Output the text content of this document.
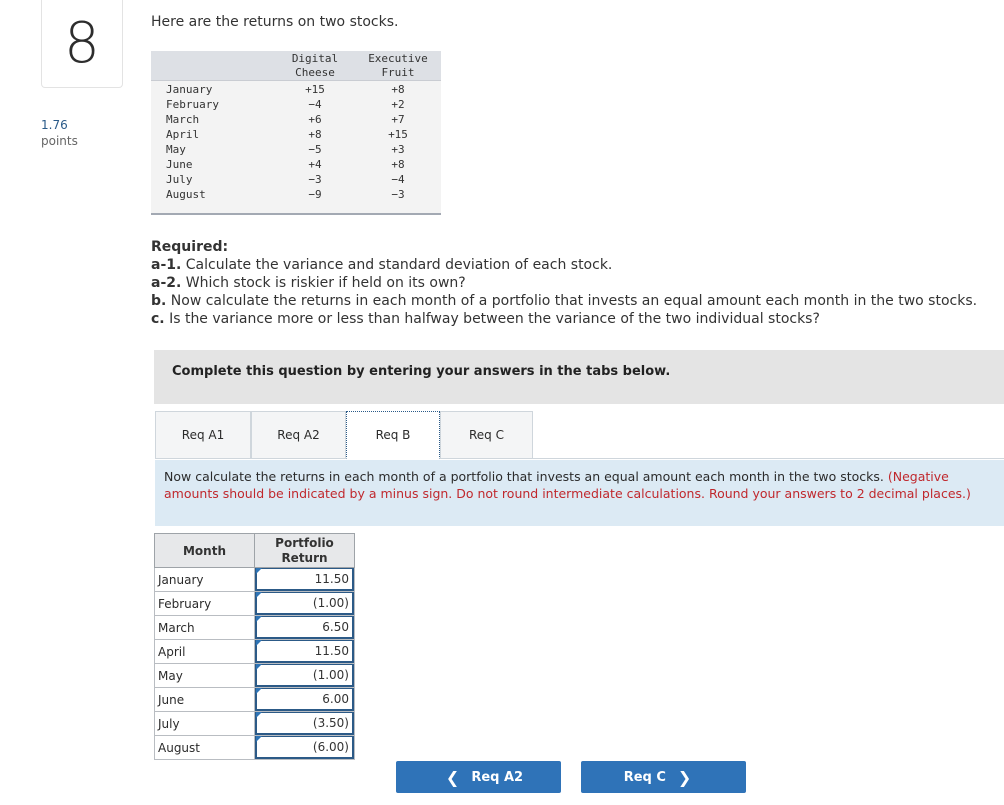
8
1.76
points
Here are the returns on two stocks.
Digital
Cheese
Executive
Fruit
January	+15	+8
February	−4	+2
March	+6	+7
April	+8	+15
May	−5	+3
June	+4	+8
July	−3	−4
August	−9	−3
Required:
a-1. Calculate the variance and standard deviation of each stock.
a-2. Which stock is riskier if held on its own?
b. Now calculate the returns in each month of a portfolio that invests an equal amount each month in the two stocks.
c. Is the variance more or less than halfway between the variance of the two individual stocks?
Complete this question by entering your answers in the tabs below.
Req A1	Req A2	Req B	Req C
Now calculate the returns in each month of a portfolio that invests an equal amount each month in the two stocks. (Negative amounts should be indicated by a minus sign. Do not round intermediate calculations. Round your answers to 2 decimal places.)
Month	Portfolio
Return

January	11.50

February	(1.00)

March	6.50

April	11.50

May	(1.00)

June	6.00

July	(3.50)

August	(6.00)
❮ Req A2	Req C ❯
